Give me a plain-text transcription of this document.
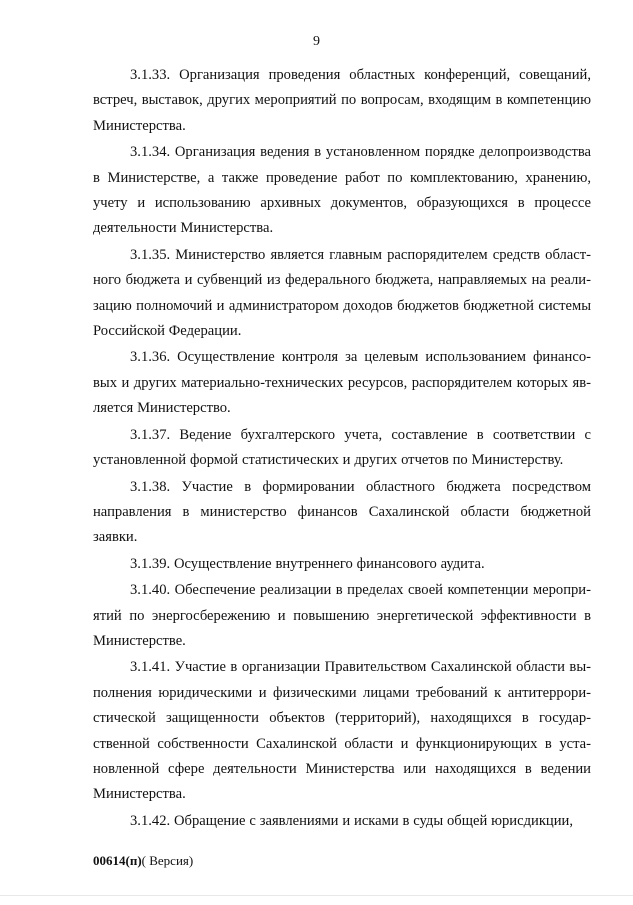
9

3.1.33. Организация проведения областных конференций, совещаний, встреч, выставок, других мероприятий по вопросам, входящим в компетенцию Министерства.

3.1.34. Организация ведения в установленном порядке делопроизводства в Министерстве, а также проведение работ по комплектованию, хранению, учету и использованию архивных документов, образующихся в процессе деятельности Министерства.

3.1.35. Министерство является главным распорядителем средств областного бюджета и субвенций из федерального бюджета, направляемых на реализацию полномочий и администратором доходов бюджетов бюджетной системы Российской Федерации.

3.1.36. Осуществление контроля за целевым использованием финансовых и других материально-технических ресурсов, распорядителем которых является Министерство.

3.1.37. Ведение бухгалтерского учета, составление в соответствии с установленной формой статистических и других отчетов по Министерству.

3.1.38. Участие в формировании областного бюджета посредством направления в министерство финансов Сахалинской области бюджетной заявки.

3.1.39. Осуществление внутреннего финансового аудита.

3.1.40. Обеспечение реализации в пределах своей компетенции мероприятий по энергосбережению и повышению энергетической эффективности в Министерстве.

3.1.41. Участие в организации Правительством Сахалинской области выполнения юридическими и физическими лицами требований к антитеррористической защищенности объектов (территорий), находящихся в государственной собственности Сахалинской области и функционирующих в установленной сфере деятельности Министерства или находящихся в ведении Министерства.

3.1.42. Обращение с заявлениями и исками в суды общей юрисдикции,

00614(п)( Версия)
